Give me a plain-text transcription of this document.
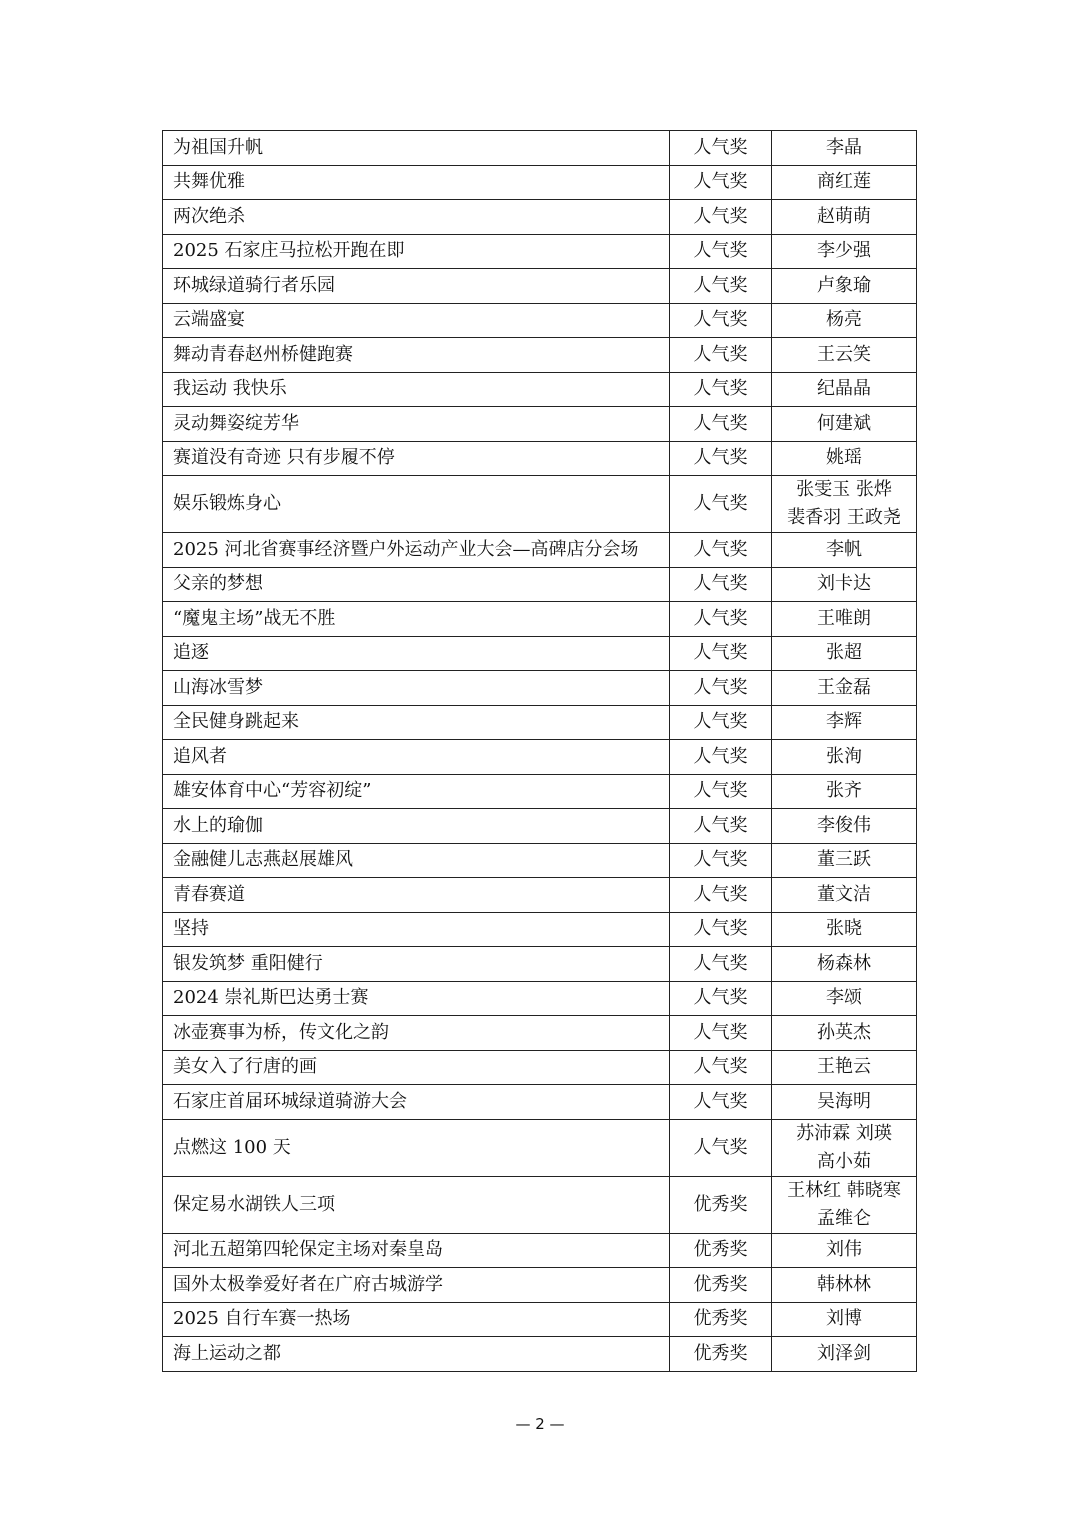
为祖国升帆	人气奖	李晶

共舞优雅	人气奖	商红莲

两次绝杀	人气奖	赵萌萌

2025 石家庄马拉松开跑在即	人气奖	李少强

环城绿道骑行者乐园	人气奖	卢象瑜

云端盛宴	人气奖	杨亮

舞动青春赵州桥健跑赛	人气奖	王云笑

我运动 我快乐	人气奖	纪晶晶

灵动舞姿绽芳华	人气奖	何建斌

赛道没有奇迹 只有步履不停	人气奖	姚瑶

娱乐锻炼身心	人气奖	张雯玉 张烨
裴香羽 王政尧

2025 河北省赛事经济暨户外运动产业大会—高碑店分会场	人气奖	李帆

父亲的梦想	人气奖	刘卡达

“魔鬼主场”战无不胜	人气奖	王唯朗

追逐	人气奖	张超

山海冰雪梦	人气奖	王金磊

全民健身跳起来	人气奖	李辉

追风者	人气奖	张洵

雄安体育中心“芳容初绽”	人气奖	张齐

水上的瑜伽	人气奖	李俊伟

金融健儿志燕赵展雄风	人气奖	董三跃

青春赛道	人气奖	董文洁

坚持	人气奖	张晓

银发筑梦 重阳健行	人气奖	杨森林

2024 崇礼斯巴达勇士赛	人气奖	李颂

冰壶赛事为桥，传文化之韵	人气奖	孙英杰

美女入了行唐的画	人气奖	王艳云

石家庄首届环城绿道骑游大会	人气奖	吴海明

点燃这 100 天	人气奖	苏沛霖 刘瑛
高小茹

保定易水湖铁人三项	优秀奖	王林红 韩晓寒
孟维仑

河北五超第四轮保定主场对秦皇岛	优秀奖	刘伟

国外太极拳爱好者在广府古城游学	优秀奖	韩林林

2025 自行车赛一热场	优秀奖	刘博

海上运动之都	优秀奖	刘泽剑
— 2 —
